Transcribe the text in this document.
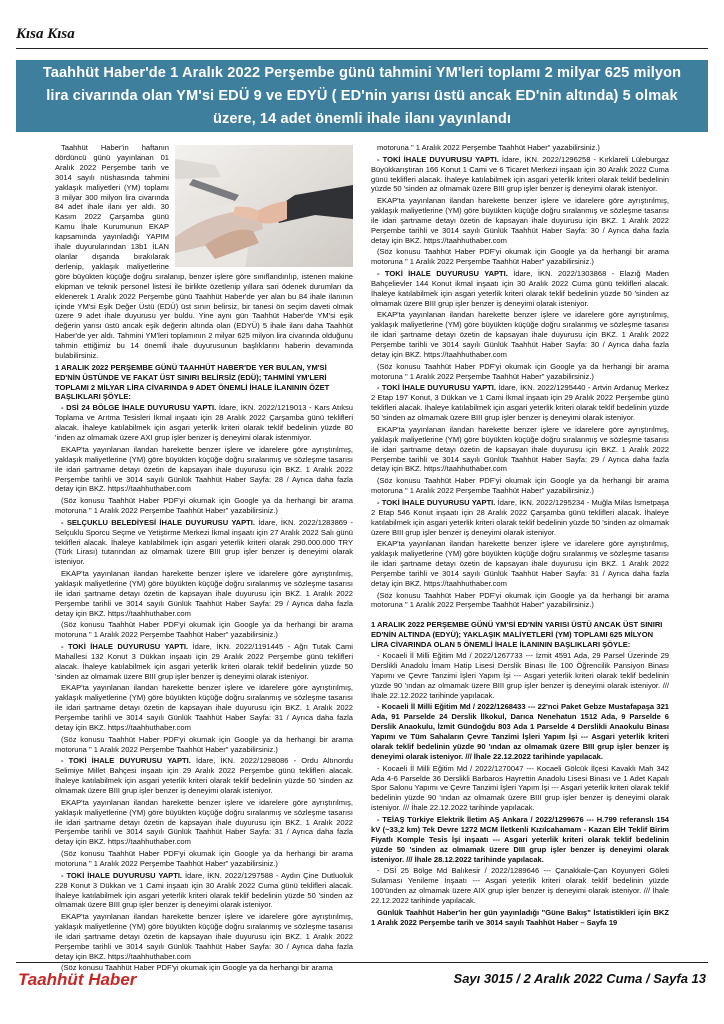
Kısa Kısa
Taahhüt Haber'de 1 Aralık 2022 Perşembe günü tahmini YM'leri toplamı 2 milyar 625 milyon lira civarında olan YM'si EDÜ 9 ve EDYÜ ( ED'nin yarısı üstü ancak ED'nin altında) 5 olmak üzere, 14 adet önemli ihale ilanı yayınlandı

Taahhüt Haber'in haftanın dördüncü günü yayınlanan 01 Aralık 2022 Perşembe tarih ve 3014 sayılı nüshasında tahmini yaklaşık maliyetleri (YM) toplamı 3 milyar 300 milyon lira civarında 84 adet ihale ilanı yer aldı. 30 Kasım 2022 Çarşamba günü Kamu İhale Kurumunun EKAP kapsamında yayınladığı YAPIM ihale duyurularından 13b1 İLAN olanlar dışarıda bırakılarak derlenip, yaklaşık maliyetlerine göre büyükten küçüğe doğru sıralanıp, benzer işlere göre sınıflandırılıp, istenen makine ekipman ve teknik personel listesi ile birlikte özetlenip yıllara sari ödenek durumları da eklenerek 1 Aralık 2022 Perşembe günü Taahhüt Haber'de yer alan bu 84 ihale ilanının içinde YM'si Eşik Değer Üstü (EDÜ) üst sınırı belirsiz, bir tanesi ön seçim daveti olmak üzere 9 adet ihale duyurusu yer buldu. Yine aynı gün Taahhüt Haber'de YM'si eşik değerin yarısı üstü ancak eşik değerin altında olan (EDYÜ) 5 ihale ilanı daha Taahhüt Haber'de yer aldı. Tahmini YM'leri toplamının 2 milyar 625 milyon lira civarında olduğunu tahmin ettiğimiz bu 14 önemli ihale duyurusunun başlıklarını haberin devamında bulabilirsiniz.

1 ARALIK 2022 PERŞEMBE GÜNÜ TAAHHÜT HABER'DE YER BULAN, YM'Sİ ED'NİN ÜSTÜNDE VE FAKAT ÜST SINIRI BELİRSİZ (EDÜ); TAHMİNİ YM'LERİ TOPLAMI 2 MİLYAR LİRA CİVARINDA 9 ADET ÖNEMLİ İHALE İLANININ ÖZET BAŞLIKLARI ŞÖYLE:

- DSİ 24 BÖLGE İHALE DUYURUSU YAPTI. İdare, İKN. 2022/1219013 - Kars Atıksu Toplama ve Arıtma Tesisleri İkmal inşaatı için 28 Aralık 2022 Çarşamba günü teklifleri alacak. İhaleye katılabilmek için asgari yeterlik kriteri olarak teklif bedelinin yüzde 80 'inden az olmamak üzere AXI grup işler benzer iş deneyimi olarak istenmiyor.

EKAP'ta yayınlanan ilandan harekette benzer işlere ve idarelere göre ayrıştırılmış, yaklaşık maliyetlerine (YM) göre büyükten küçüğe doğru sıralanmış ve sözleşme tasarısı ile idari şartname detayı özetin de kapsayan ihale duyurusu için BKZ. 1 Aralık 2022 Perşembe tarihli ve 3014 sayılı Günlük Taahhüt Haber Sayfa: 28 / Ayrıca daha fazla detay için BKZ. https://taahhuthaber.com

(Söz konusu Taahhüt Haber PDF'yi okumak için Google ya da herhangi bir arama motoruna " 1 Aralık 2022 Perşembe Taahhüt Haber" yazabilirsiniz.)

- SELÇUKLU BELEDİYESİ İHALE DUYURUSU YAPTI. İdare, İKN. 2022/1283869 - Selçuklu Sporcu Seçme ve Yetiştirme Merkezi İkmal inşaatı için 27 Aralık 2022 Salı günü teklifleri alacak. İhaleye katılabilmek için asgari yeterlik kriteri olarak 290.000.000 TRY (Türk Lirası) tutarından az olmamak üzere BIII grup işler benzer iş deneyimi olarak isteniyor.

EKAP'ta yayınlanan ilandan harekette benzer işlere ve idarelere göre ayrıştırılmış, yaklaşık maliyetlerine (YM) göre büyükten küçüğe doğru sıralanmış ve sözleşme tasarısı ile idari şartname detayı özetin de kapsayan ihale duyurusu için BKZ. 1 Aralık 2022 Perşembe tarihli ve 3014 sayılı Günlük Taahhüt Haber Sayfa: 29 / Ayrıca daha fazla detay için BKZ. https://taahhuthaber.com

(Söz konusu Taahhüt Haber PDF'yi okumak için Google ya da herhangi bir arama motoruna " 1 Aralık 2022 Perşembe Taahhüt Haber" yazabilirsiniz.)

- TOKİ İHALE DUYURUSU YAPTI. İdare, İKN. 2022/1191445 - Ağrı Tutak Cami Mahallesi 132 Konut 3 Dükkan inşaatı için 29 Aralık 2022 Perşembe günü teklifleri alacak. İhaleye katılabilmek için asgari yeterlik kriteri olarak teklif bedelinin yüzde 50 'sinden az olmamak üzere BIII grup işler benzer iş deneyimi olarak isteniyor.

EKAP'ta yayınlanan ilandan harekette benzer işlere ve idarelere göre ayrıştırılmış, yaklaşık maliyetlerine (YM) göre büyükten küçüğe doğru sıralanmış ve sözleşme tasarısı ile idari şartname detayı özetin de kapsayan ihale duyurusu için BKZ. 1 Aralık 2022 Perşembe tarihli ve 3014 sayılı Günlük Taahhüt Haber Sayfa: 31 / Ayrıca daha fazla detay için BKZ. https://taahhuthaber.com

(Söz konusu Taahhüt Haber PDF'yi okumak için Google ya da herhangi bir arama motoruna " 1 Aralık 2022 Perşembe Taahhüt Haber" yazabilirsiniz.)

- TOKİ İHALE DUYURUSU YAPTI. İdare, İKN. 2022/1298086 - Ordu Altınordu Selimiye Millet Bahçesi inşaatı için 29 Aralık 2022 Perşembe günü teklifleri alacak. İhaleye katılabilmek için asgari yeterlik kriteri olarak teklif bedelinin yüzde 50 'sinden az olmamak üzere BIII grup işler benzer iş deneyimi olarak isteniyor.

EKAP'ta yayınlanan ilandan harekette benzer işlere ve idarelere göre ayrıştırılmış, yaklaşık maliyetlerine (YM) göre büyükten küçüğe doğru sıralanmış ve sözleşme tasarısı ile idari şartname detayı özetin de kapsayan ihale duyurusu için BKZ. 1 Aralık 2022 Perşembe tarihli ve 3014 sayılı Günlük Taahhüt Haber Sayfa: 31 / Ayrıca daha fazla detay için BKZ. https://taahhuthaber.com

(Söz konusu Taahhüt Haber PDF'yi okumak için Google ya da herhangi bir arama motoruna " 1 Aralık 2022 Perşembe Taahhüt Haber" yazabilirsiniz.)

- TOKİ İHALE DUYURUSU YAPTI. İdare, İKN. 2022/1297588 - Aydın Çine Dutluoluk 228 Konut 3 Dükkan ve 1 Cami inşaatı için 30 Aralık 2022 Cuma günü teklifleri alacak. İhaleye katılabilmek için asgari yeterlik kriteri olarak teklif bedelinin yüzde 50 'sinden az olmamak üzere BIII grup işler benzer iş deneyimi olarak isteniyor.

EKAP'ta yayınlanan ilandan harekette benzer işlere ve idarelere göre ayrıştırılmış, yaklaşık maliyetlerine (YM) göre büyükten küçüğe doğru sıralanmış ve sözleşme tasarısı ile idari şartname detayı özetin de kapsayan ihale duyurusu için BKZ. 1 Aralık 2022 Perşembe tarihli ve 3014 sayılı Günlük Taahhüt Haber Sayfa: 30 / Ayrıca daha fazla detay için BKZ. https://taahhuthaber.com

(Söz konusu Taahhüt Haber PDF'yi okumak için Google ya da herhangi bir arama

motoruna " 1 Aralık 2022 Perşembe Taahhüt Haber" yazabilirsiniz.)

- TOKİ İHALE DUYURUSU YAPTI. İdare, İKN. 2022/1296258 - Kırklareli Lüleburgaz Büyükkarıştıran 166 Konut 1 Cami ve 6 Ticaret Merkezi inşaatı için 30 Aralık 2022 Cuma günü teklifleri alacak. İhaleye katılabilmek için asgari yeterlik kriteri olarak teklif bedelinin yüzde 50 'sinden az olmamak üzere BIII grup işler benzer iş deneyimi olarak isteniyor.

EKAP'ta yayınlanan ilandan harekette benzer işlere ve idarelere göre ayrıştırılmış, yaklaşık maliyetlerine (YM) göre büyükten küçüğe doğru sıralanmış ve sözleşme tasarısı ile idari şartname detayı özetin de kapsayan ihale duyurusu için BKZ. 1 Aralık 2022 Perşembe tarihli ve 3014 sayılı Günlük Taahhüt Haber Sayfa: 30 / Ayrıca daha fazla detay için BKZ. https://taahhuthaber.com

(Söz konusu Taahhüt Haber PDF'yi okumak için Google ya da herhangi bir arama motoruna " 1 Aralık 2022 Perşembe Taahhüt Haber" yazabilirsiniz.)

- TOKİ İHALE DUYURUSU YAPTI. İdare, İKN. 2022/1303868 - Elazığ Maden Bahçelievler 144 Konut ikmal inşaatı için 30 Aralık 2022 Cuma günü teklifleri alacak. İhaleye katılabilmek için asgari yeterlik kriteri olarak teklif bedelinin yüzde 50 'sinden az olmamak üzere BIII grup işler benzer iş deneyimi olarak isteniyor.

EKAP'ta yayınlanan ilandan harekette benzer işlere ve idarelere göre ayrıştırılmış, yaklaşık maliyetlerine (YM) göre büyükten küçüğe doğru sıralanmış ve sözleşme tasarısı ile idari şartname detayı özetin de kapsayan ihale duyurusu için BKZ. 1 Aralık 2022 Perşembe tarihli ve 3014 sayılı Günlük Taahhüt Haber Sayfa: 30 / Ayrıca daha fazla detay için BKZ. https://taahhuthaber.com

(Söz konusu Taahhüt Haber PDF'yi okumak için Google ya da herhangi bir arama motoruna " 1 Aralık 2022 Perşembe Taahhüt Haber" yazabilirsiniz.)

- TOKİ İHALE DUYURUSU YAPTI. İdare, İKN. 2022/1295440 - Artvin Ardanuç Merkez 2 Etap 197 Konut, 3 Dükkan ve 1 Cami İkmal inşaatı için 29 Aralık 2022 Perşembe günü teklifleri alacak. İhaleye katılabilmek için asgari yeterlik kriteri olarak teklif bedelinin yüzde 50 'sinden az olmamak üzere BIII grup işler benzer iş deneyimi olarak isteniyor.

EKAP'ta yayınlanan ilandan harekette benzer işlere ve idarelere göre ayrıştırılmış, yaklaşık maliyetlerine (YM) göre büyükten küçüğe doğru sıralanmış ve sözleşme tasarısı ile idari şartname detayı özetin de kapsayan ihale duyurusu için BKZ. 1 Aralık 2022 Perşembe tarihli ve 3014 sayılı Günlük Taahhüt Haber Sayfa: 29 / Ayrıca daha fazla detay için BKZ. https://taahhuthaber.com

(Söz konusu Taahhüt Haber PDF'yi okumak için Google ya da herhangi bir arama motoruna " 1 Aralık 2022 Perşembe Taahhüt Haber" yazabilirsiniz.)

- TOKİ İHALE DUYURUSU YAPTI. İdare, İKN. 2022/1295234 - Muğla Milas İsmetpaşa 2 Etap 546 Konut inşaatı için 28 Aralık 2022 Çarşamba günü teklifleri alacak. İhaleye katılabilmek için asgari yeterlik kriteri olarak teklif bedelinin yüzde 50 'sinden az olmamak üzere BIII grup işler benzer iş deneyimi olarak isteniyor.

EKAP'ta yayınlanan ilandan harekette benzer işlere ve idarelere göre ayrıştırılmış, yaklaşık maliyetlerine (YM) göre büyükten küçüğe doğru sıralanmış ve sözleşme tasarısı ile idari şartname detayı özetin de kapsayan ihale duyurusu için BKZ. 1 Aralık 2022 Perşembe tarihli ve 3014 sayılı Günlük Taahhüt Haber Sayfa: 31 / Ayrıca daha fazla detay için BKZ. https://taahhuthaber.com

(Söz konusu Taahhüt Haber PDF'yi okumak için Google ya da herhangi bir arama motoruna " 1 Aralık 2022 Perşembe Taahhüt Haber" yazabilirsiniz.)

1 ARALIK 2022 PERŞEMBE GÜNÜ YM'Sİ ED'NİN YARISI ÜSTÜ ANCAK ÜST SINIRI ED'NİN ALTINDA (EDYÜ); YAKLAŞIK MALİYETLERİ (YM) TOPLAMI 625 MİLYON LİRA CİVARINDA OLAN 5 ÖNEMLİ İHALE İLANININ BAŞLIKLARI ŞÖYLE:

- Kocaeli İl Milli Eğitim Md / 2022/1267733 --- İzmit 4591 Ada, 29 Parsel Üzerinde 29 Derslikli Anadolu İmam Hatip Lisesi Derslik Binası İle 100 Öğrencilik Pansiyon Binası Yapımı ve Çevre Tanzimi İşleri Yapım İşi --- Asgari yeterlik kriteri olarak teklif bedelinin yüzde 90 'ından az olmamak üzere BIII grup işler benzer iş deneyimi olarak isteniyor. /// İhale 22.12.2022 tarihinde yapılacak.

- Kocaeli İl Milli Eğitim Md / 2022/1268433 --- 22'nci Paket Gebze Mustafapaşa 321 Ada, 91 Parselde 24 Derslik İlkokul, Darıca Nenehatun 1512 Ada, 9 Parselde 6 Derslik Anaokulu, İzmit Gündoğdu 803 Ada 1 Parselde 4 Derslikli Anaokulu Binası Yapımı ve Tüm Sahaların Çevre Tanzimi İşleri Yapım İşi --- Asgari yeterlik kriteri olarak teklif bedelinin yüzde 90 'ından az olmamak üzere BIII grup işler benzer iş deneyimi olarak isteniyor. /// İhale 22.12.2022 tarihinde yapılacak.

- Kocaeli İl Milli Eğitim Md / 2022/1270047 --- Kocaeli Gölcük İlçesi Kavaklı Mah 342 Ada 4-6 Parselde 36 Derslikli Barbaros Hayrettin Anadolu Lisesi Binası ve 1 Adet Kapalı Spor Salonu Yapımı ve Çevre Tanzimi İşleri Yapım İşi --- Asgari yeterlik kriteri olarak teklif bedelinin yüzde 90 'ından az olmamak üzere BIII grup işler benzer iş deneyimi olarak isteniyor. /// İhale 22.12.2022 tarihinde yapılacak.

- TEİAŞ Türkiye Elektrik İletim AŞ Ankara / 2022/1299676 --- H.799 referanslı 154 kV (~33,2 km) Tek Devre 1272 MCM İletkenli Kızılcahamam - Kazan EİH Teklif Birim Fiyatlı Komple Tesis İşi inşaatı --- Asgari yeterlik kriteri olarak teklif bedelinin yüzde 50 'sinden az olmamak üzere DIII grup işler benzer iş deneyimi olarak isteniyor. /// İhale 28.12.2022 tarihinde yapılacak.

- DSİ 25 Bölge Md Balıkesir / 2022/1289646 --- Çanakkale-Çan Koyunyeri Göleti Sulaması Yenileme İnşaatı --- Asgari yeterlik kriteri olarak teklif bedelinin yüzde 100'ünden az olmamak üzere AIX grup işler benzer iş deneyimi olarak isteniyor. /// İhale 22.12.2022 tarihinde yapılacak.

Günlük Taahhüt Haber'in her gün yayınladığı "Güne Bakış" İstatistikleri için BKZ 1 Aralık 2022 Perşembe tarih ve 3014 sayılı Taahhüt Haber – Sayfa 19

Taahhüt Haber	Sayı 3015 / 2 Aralık 2022 Cuma / Sayfa 13
